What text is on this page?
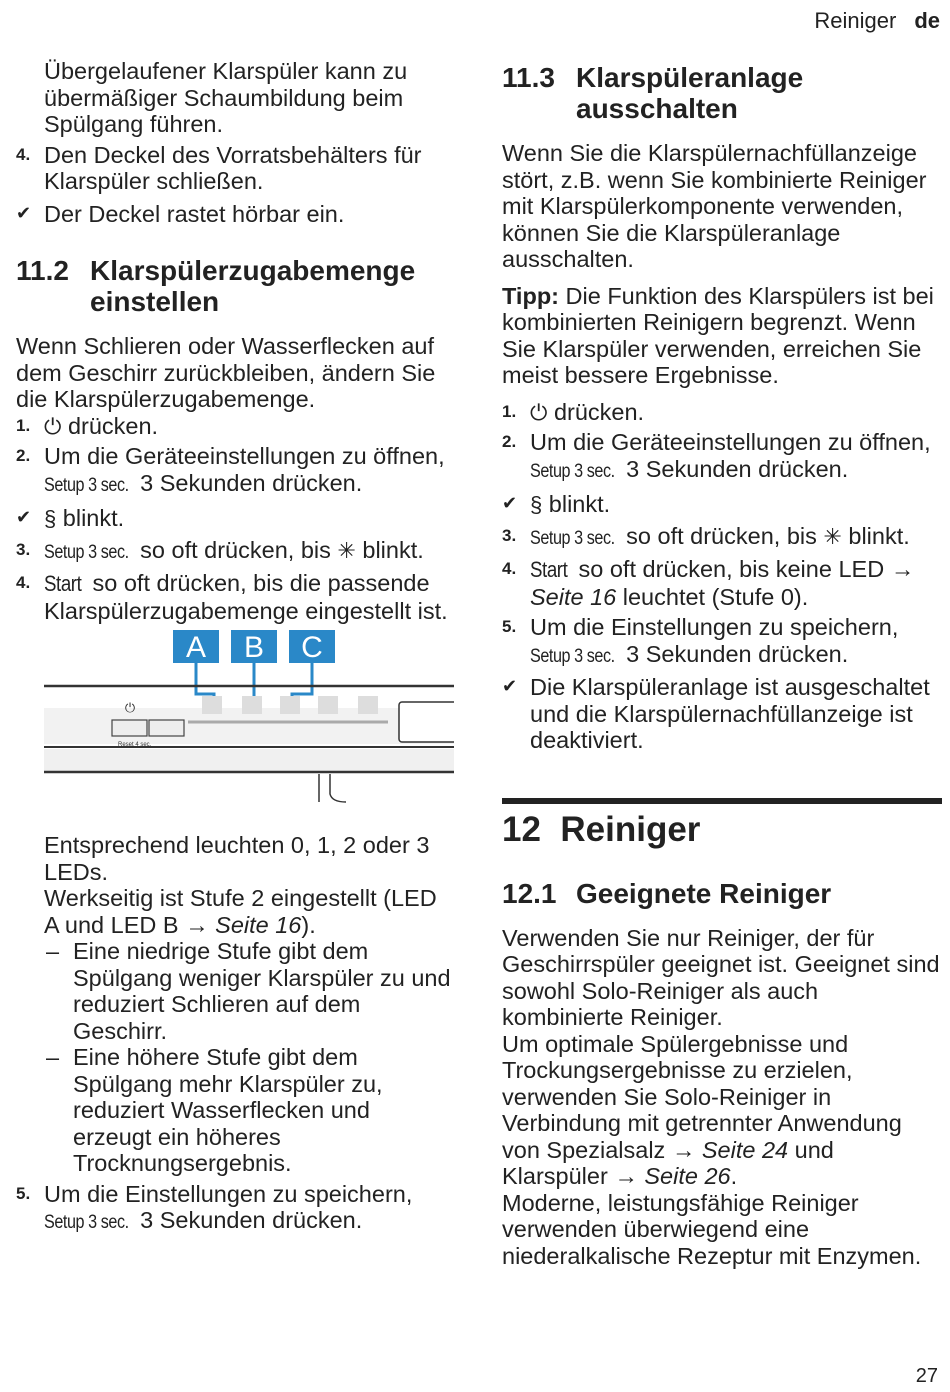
Reiniger de

Übergelaufener Klarspüler kann zu übermäßiger Schaumbildung beim Spülgang führen.

4. Den Deckel des Vorratsbehälters für Klarspüler schließen.
✔ Der Deckel rastet hörbar ein.
11.2 Klarspülerzugabemenge einstellen

Wenn Schlieren oder Wasserflecken auf dem Geschirr zurückbleiben, ändern Sie die Klarspülerzugabemenge.

1. ⏻ drücken.
2. Um die Geräteeinstellungen zu öffnen, Setup 3 sec. 3 Sekunden drücken.
✔ § blinkt.
3. Setup 3 sec. so oft drücken, bis ✳ blinkt.
4. Start so oft drücken, bis die passende Klarspülerzugabemenge eingestellt ist.
A B C
⏻
Reset 4 sec.

Entsprechend leuchten 0, 1, 2 oder 3 LEDs.

Werkseitig ist Stufe 2 eingestellt (LED A und LED B → Seite 16).

– Eine niedrige Stufe gibt dem Spülgang weniger Klarspüler zu und reduziert Schlieren auf dem Geschirr.
– Eine höhere Stufe gibt dem Spülgang mehr Klarspüler zu, reduziert Wasserflecken und erzeugt ein höheres Trocknungsergebnis.
5. Um die Einstellungen zu speichern, Setup 3 sec. 3 Sekunden drücken.
11.3 Klarspüleranlage ausschalten

Wenn Sie die Klarspülernachfüllanzeige stört, z.B. wenn Sie kombinierte Reiniger mit Klarspülerkomponente verwenden, können Sie die Klarspüleranlage ausschalten.

Tipp: Die Funktion des Klarspülers ist bei kombinierten Reinigern begrenzt. Wenn Sie Klarspüler verwenden, erreichen Sie meist bessere Ergebnisse.

1. ⏻ drücken.
2. Um die Geräteeinstellungen zu öffnen, Setup 3 sec. 3 Sekunden drücken.
✔ § blinkt.
3. Setup 3 sec. so oft drücken, bis ✳ blinkt.
4. Start so oft drücken, bis keine LED → Seite 16 leuchtet (Stufe 0).
5. Um die Einstellungen zu speichern, Setup 3 sec. 3 Sekunden drücken.
✔ Die Klarspüleranlage ist ausgeschaltet und die Klarspülernachfüllanzeige ist deaktiviert.
12 Reiniger
12.1 Geeignete Reiniger

Verwenden Sie nur Reiniger, der für Geschirrspüler geeignet ist. Geeignet sind sowohl Solo-Reiniger als auch kombinierte Reiniger.

Um optimale Spülergebnisse und Trockungsergebnisse zu erzielen, verwenden Sie Solo-Reiniger in Verbindung mit getrennter Anwendung von Spezialsalz → Seite 24 und Klarspüler → Seite 26.

Moderne, leistungsfähige Reiniger verwenden überwiegend eine niederalkalische Rezeptur mit Enzymen.

27
